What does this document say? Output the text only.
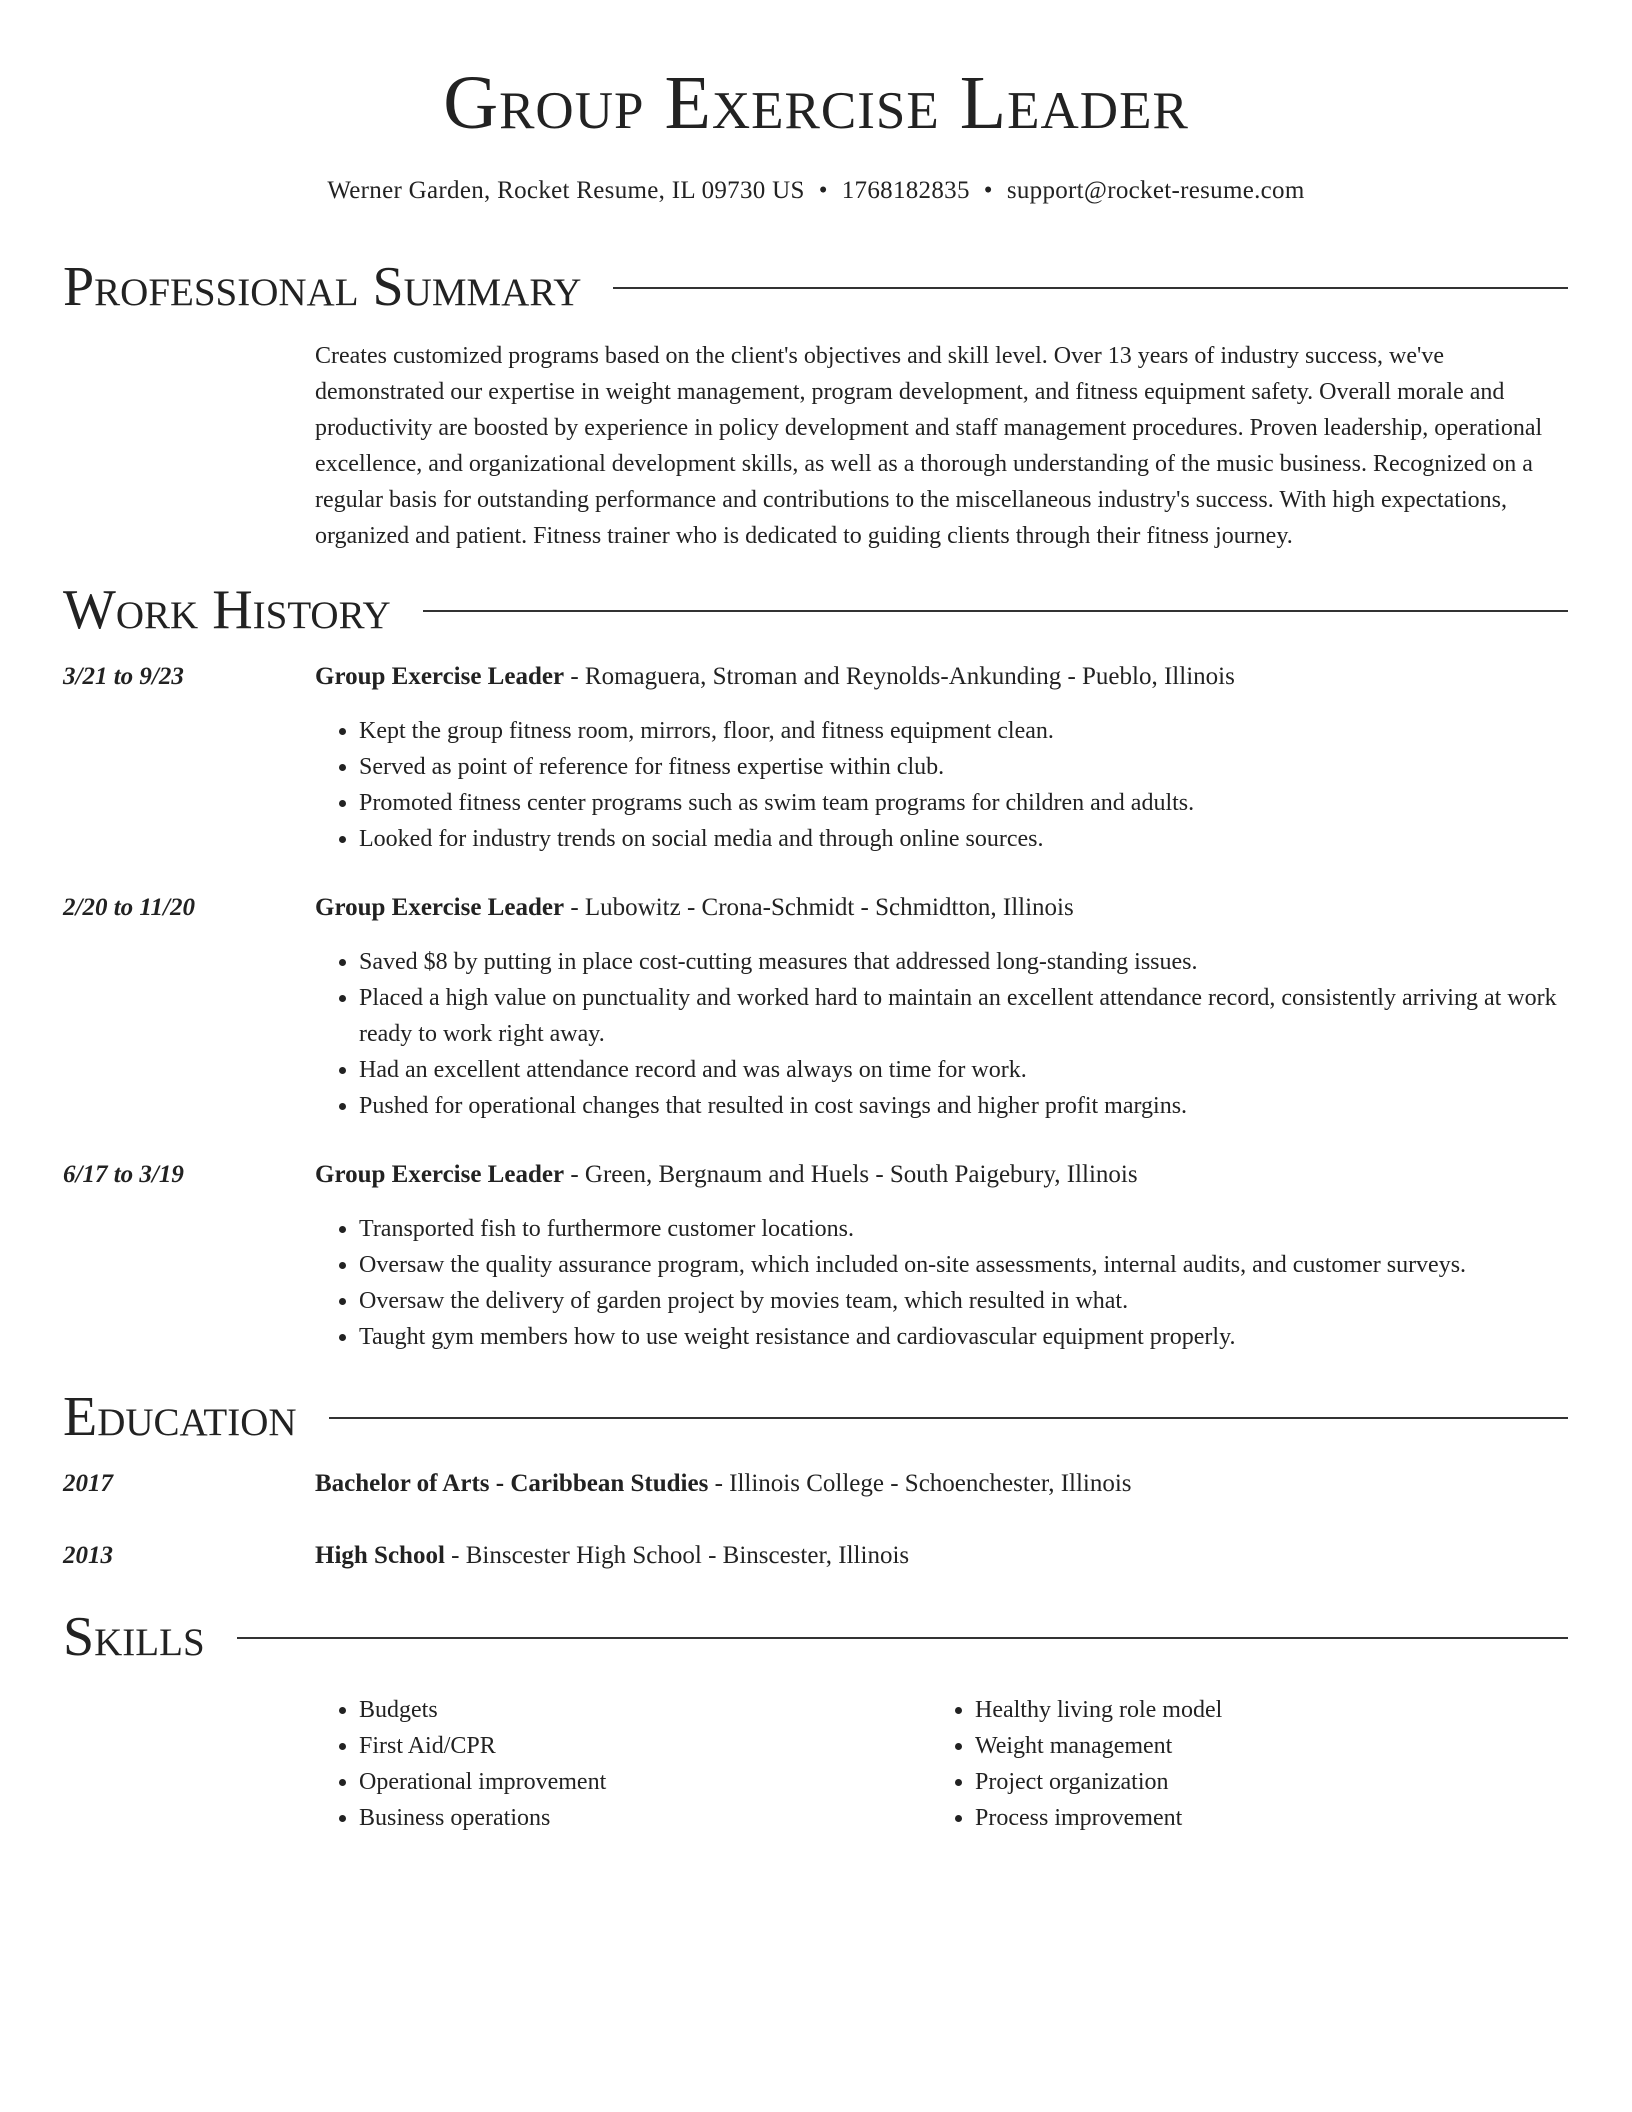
Group Exercise Leader
Werner Garden, Rocket Resume, IL 09730 US • 1768182835 • support@rocket-resume.com
Professional Summary

Creates customized programs based on the client's objectives and skill level. Over 13 years of industry success, we've demonstrated our expertise in weight management, program development, and fitness equipment safety. Overall morale and productivity are boosted by experience in policy development and staff management procedures. Proven leadership, operational excellence, and organizational development skills, as well as a thorough understanding of the music business. Recognized on a regular basis for outstanding performance and contributions to the miscellaneous industry's success. With high expectations, organized and patient. Fitness trainer who is dedicated to guiding clients through their fitness journey.

Work History
3/21 to 9/23	Group Exercise Leader - Romaguera, Stroman and Reynolds-Ankunding - Pueblo, Illinois
• Kept the group fitness room, mirrors, floor, and fitness equipment clean.
• Served as point of reference for fitness expertise within club.
• Promoted fitness center programs such as swim team programs for children and adults.
• Looked for industry trends on social media and through online sources.
2/20 to 11/20	Group Exercise Leader - Lubowitz - Crona-Schmidt - Schmidtton, Illinois
• Saved $8 by putting in place cost-cutting measures that addressed long-standing issues.
• Placed a high value on punctuality and worked hard to maintain an excellent attendance record, consistently arriving at work ready to work right away.
• Had an excellent attendance record and was always on time for work.
• Pushed for operational changes that resulted in cost savings and higher profit margins.
6/17 to 3/19	Group Exercise Leader - Green, Bergnaum and Huels - South Paigebury, Illinois
• Transported fish to furthermore customer locations.
• Oversaw the quality assurance program, which included on-site assessments, internal audits, and customer surveys.
• Oversaw the delivery of garden project by movies team, which resulted in what.
• Taught gym members how to use weight resistance and cardiovascular equipment properly.
Education
2017	Bachelor of Arts - Caribbean Studies - Illinois College - Schoenchester, Illinois
2013	High School - Binscester High School - Binscester, Illinois
Skills
• Budgets
• First Aid/CPR
• Operational improvement
• Business operations
• Healthy living role model
• Weight management
• Project organization
• Process improvement
